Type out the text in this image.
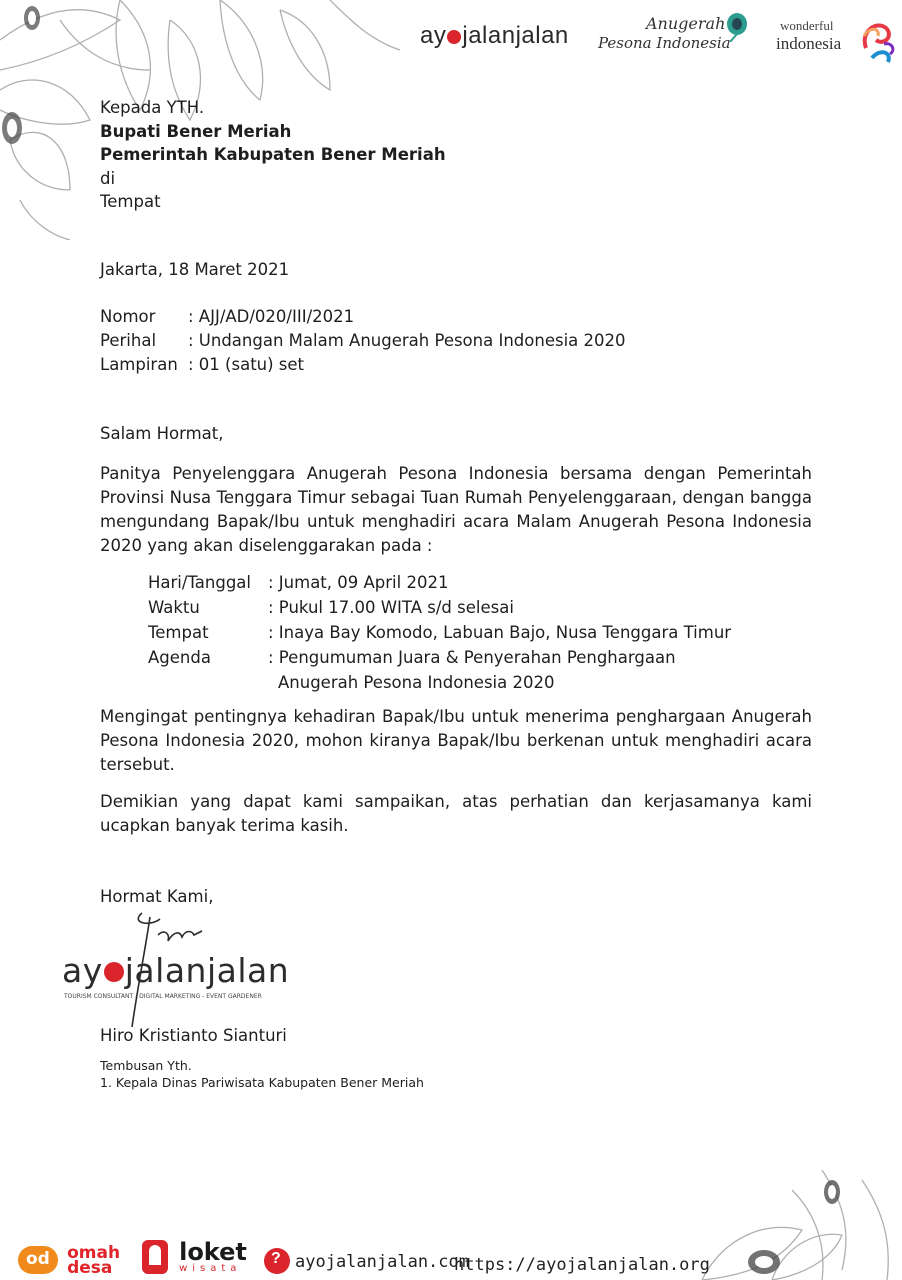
ay jalanjalan	Anugerah
Pesona Indonesia
wonderful
indonesia
Kepada YTH.
Bupati Bener Meriah
Pemerintah Kabupaten Bener Meriah
di
Tempat
Jakarta, 18 Maret 2021
Nomor : AJJ/AD/020/III/2021
Perihal : Undangan Malam Anugerah Pesona Indonesia 2020
Lampiran : 01 (satu) set
Salam Hormat,
Panitya Penyelenggara Anugerah Pesona Indonesia bersama dengan Pemerintah Provinsi Nusa Tenggara Timur sebagai Tuan Rumah Penyelenggaraan, dengan bangga mengundang Bapak/Ibu untuk menghadiri acara Malam Anugerah Pesona Indonesia 2020 yang akan diselenggarakan pada :
Hari/Tanggal : Jumat, 09 April 2021
Waktu	: Pukul 17.00 WITA s/d selesai
Tempat	: Inaya Bay Komodo, Labuan Bajo, Nusa Tenggara Timur
Agenda	: Pengumuman Juara & Penyerahan Penghargaan
Anugerah Pesona Indonesia 2020
Mengingat pentingnya kehadiran Bapak/Ibu untuk menerima penghargaan Anugerah Pesona Indonesia 2020, mohon kiranya Bapak/Ibu berkenan untuk menghadiri acara tersebut.
Demikian yang dapat kami sampaikan, atas perhatian dan kerjasamanya kami ucapkan banyak terima kasih.
Hormat Kami,
ay jalanjalan
TOURISM CONSULTANT - DIGITAL MARKETING - EVENT GARDENER
Hiro Kristianto Sianturi
Tembusan Yth.
1. Kepala Dinas Pariwisata Kabupaten Bener Meriah
od
omah
desa

loket
wisata
? ayojalanjalan.com
https://ayojalanjalan.org
